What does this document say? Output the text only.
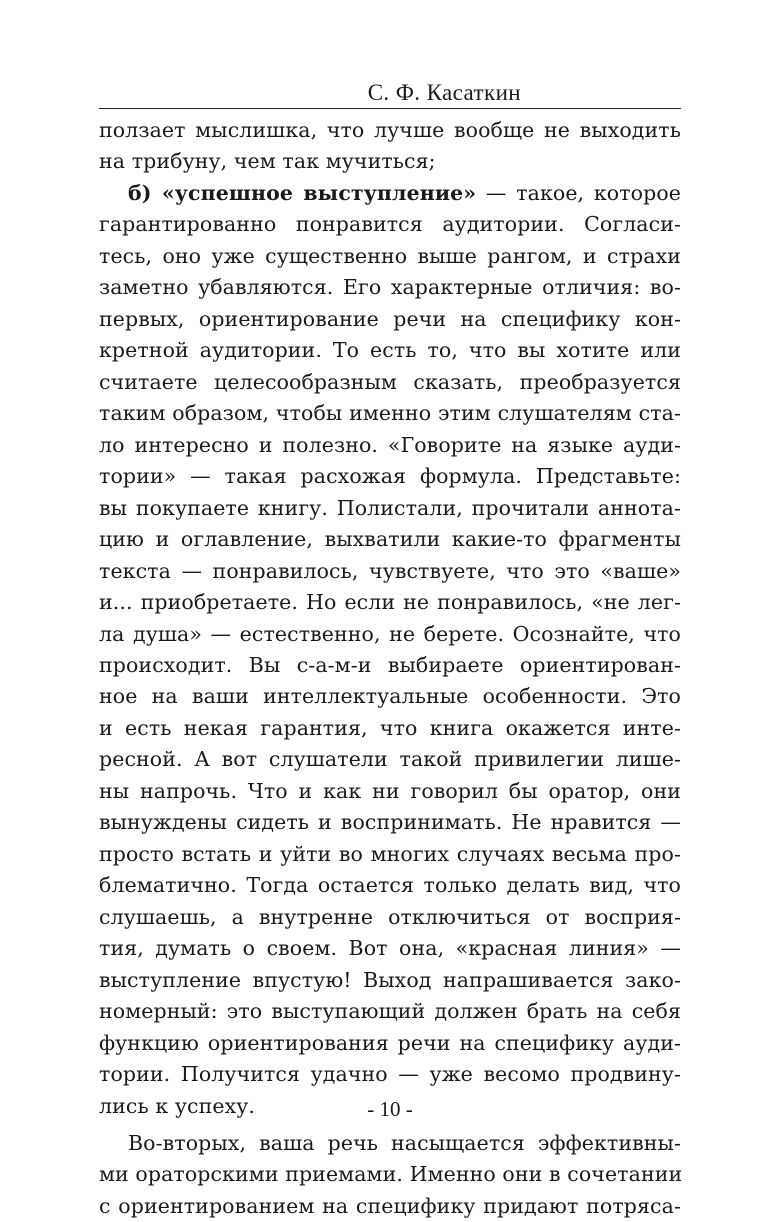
С. Ф. Касаткин
ползает мыслишка, что лучше вообще не выходить
на трибуну, чем так мучиться;
б) «успешное выступление» — такое, которое
гарантированно понравится аудитории. Согласи-
тесь, оно уже существенно выше рангом, и страхи
заметно убавляются. Его характерные отличия: во-
первых, ориентирование речи на специфику кон-
кретной аудитории. То есть то, что вы хотите или
считаете целесообразным сказать, преобразуется
таким образом, чтобы именно этим слушателям ста-
ло интересно и полезно. «Говорите на языке ауди-
тории» — такая расхожая формула. Представьте:
вы покупаете книгу. Полистали, прочитали аннота-
цию и оглавление, выхватили какие-то фрагменты
текста — понравилось, чувствуете, что это «ваше»
и... приобретаете. Но если не понравилось, «не лег-
ла душа» — естественно, не берете. Осознайте, что
происходит. Вы с-а-м-и выбираете ориентирован-
ное на ваши интеллектуальные особенности. Это
и есть некая гарантия, что книга окажется инте-
ресной. А вот слушатели такой привилегии лише-
ны напрочь. Что и как ни говорил бы оратор, они
вынуждены сидеть и воспринимать. Не нравится —
просто встать и уйти во многих случаях весьма про-
блематично. Тогда остается только делать вид, что
слушаешь, а внутренне отключиться от восприя-
тия, думать о своем. Вот она, «красная линия» —
выступление впустую! Выход напрашивается зако-
номерный: это выступающий должен брать на себя
функцию ориентирования речи на специфику ауди-
тории. Получится удачно — уже весомо продвину-
лись к успеху.
Во-вторых, ваша речь насыщается эффективны-
ми ораторскими приемами. Именно они в сочетании
с ориентированием на специфику придают потряса-
- 10 -
